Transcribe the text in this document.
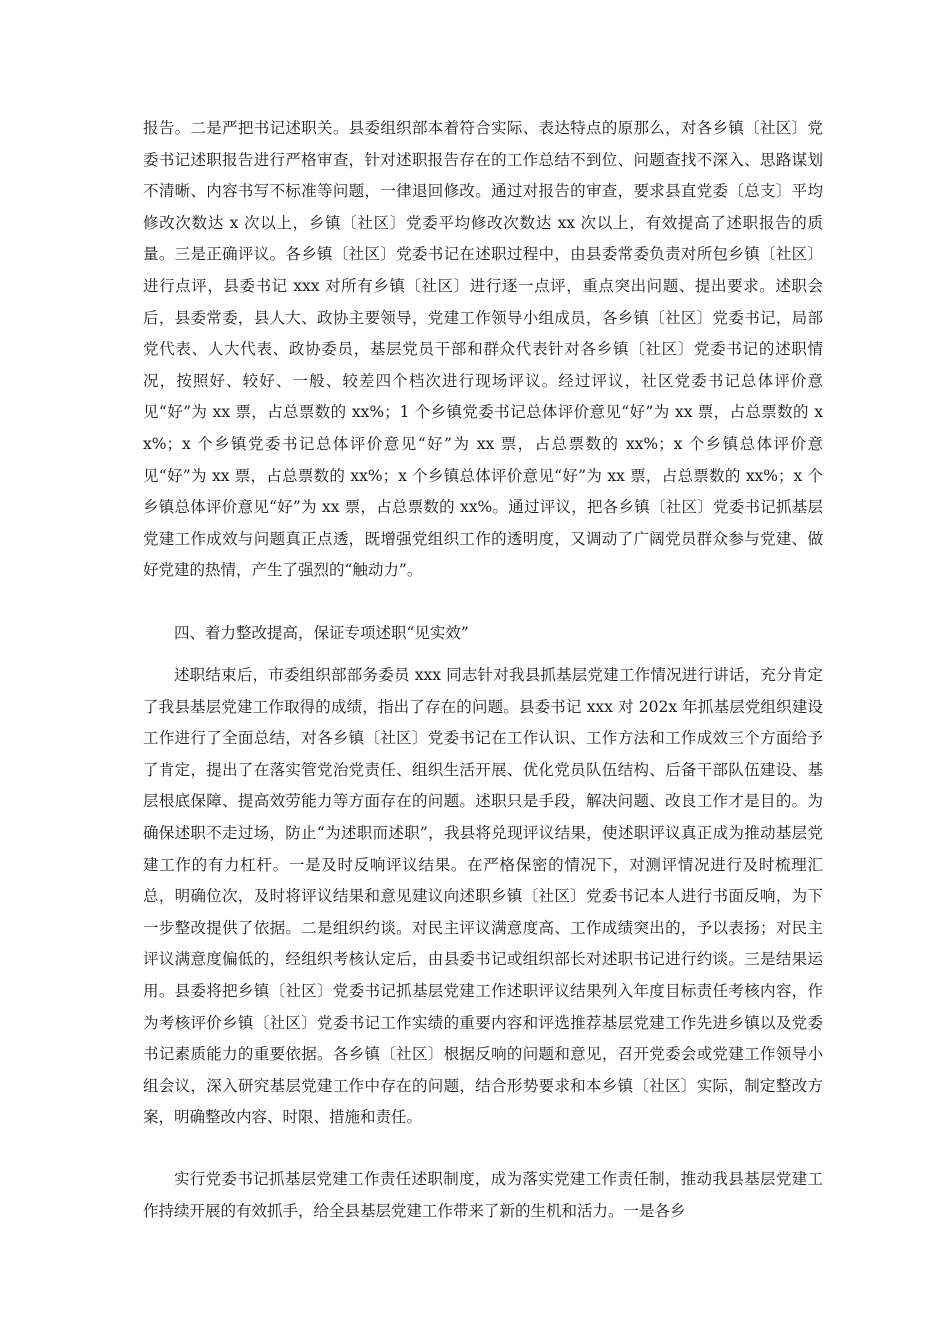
报告。二是严把书记述职关。县委组织部本着符合实际、表达特点的原那么，对各乡镇〔社区〕党委书记述职报告进行严格审查，针对述职报告存在的工作总结不到位、问题查找不深入、思路谋划不清晰、内容书写不标准等问题，一律退回修改。通过对报告的审查，要求县直党委〔总支〕平均修改次数达 x 次以上，乡镇〔社区〕党委平均修改次数达 xx 次以上，有效提高了述职报告的质量。三是正确评议。各乡镇〔社区〕党委书记在述职过程中，由县委常委负责对所包乡镇〔社区〕进行点评，县委书记 xxx 对所有乡镇〔社区〕进行逐一点评，重点突出问题、提出要求。述职会后，县委常委，县人大、政协主要领导，党建工作领导小组成员，各乡镇〔社区〕党委书记，局部党代表、人大代表、政协委员，基层党员干部和群众代表针对各乡镇〔社区〕党委书记的述职情况，按照好、较好、一般、较差四个档次进行现场评议。经过评议，社区党委书记总体评价意见“好”为 xx 票，占总票数的 xx%；1 个乡镇党委书记总体评价意见“好”为 xx 票，占总票数的 xx%；x 个乡镇党委书记总体评价意见“好”为 xx 票，占总票数的 xx%；x 个乡镇总体评价意见“好”为 xx 票，占总票数的 xx%；x 个乡镇总体评价意见“好”为 xx 票，占总票数的 xx%；x 个乡镇总体评价意见“好”为 xx 票，占总票数的 xx%。通过评议，把各乡镇〔社区〕党委书记抓基层党建工作成效与问题真正点透，既增强党组织工作的透明度，又调动了广阔党员群众参与党建、做好党建的热情，产生了强烈的“触动力”。

四、着力整改提高，保证专项述职“见实效”

述职结束后，市委组织部部务委员 xxx 同志针对我县抓基层党建工作情况进行讲话，充分肯定了我县基层党建工作取得的成绩，指出了存在的问题。县委书记 xxx 对 202x 年抓基层党组织建设工作进行了全面总结，对各乡镇〔社区〕党委书记在工作认识、工作方法和工作成效三个方面给予了肯定，提出了在落实管党治党责任、组织生活开展、优化党员队伍结构、后备干部队伍建设、基层根底保障、提高效劳能力等方面存在的问题。述职只是手段，解决问题、改良工作才是目的。为确保述职不走过场，防止“为述职而述职”，我县将兑现评议结果，使述职评议真正成为推动基层党建工作的有力杠杆。一是及时反响评议结果。在严格保密的情况下，对测评情况进行及时梳理汇总，明确位次，及时将评议结果和意见建议向述职乡镇〔社区〕党委书记本人进行书面反响，为下一步整改提供了依据。二是组织约谈。对民主评议满意度高、工作成绩突出的，予以表扬；对民主评议满意度偏低的，经组织考核认定后，由县委书记或组织部长对述职书记进行约谈。三是结果运用。县委将把乡镇〔社区〕党委书记抓基层党建工作述职评议结果列入年度目标责任考核内容，作为考核评价乡镇〔社区〕党委书记工作实绩的重要内容和评选推荐基层党建工作先进乡镇以及党委书记素质能力的重要依据。各乡镇〔社区〕根据反响的问题和意见，召开党委会或党建工作领导小组会议，深入研究基层党建工作中存在的问题，结合形势要求和本乡镇〔社区〕实际，制定整改方案，明确整改内容、时限、措施和责任。

实行党委书记抓基层党建工作责任述职制度，成为落实党建工作责任制，推动我县基层党建工作持续开展的有效抓手，给全县基层党建工作带来了新的生机和活力。一是各乡
